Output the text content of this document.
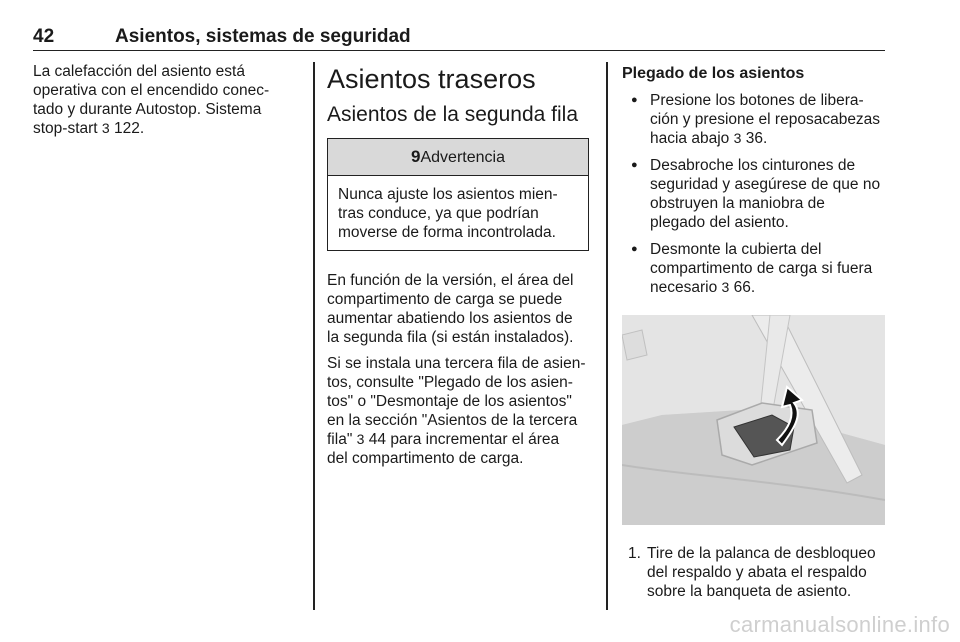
42	Asientos, sistemas de seguridad

La calefacción del asiento está
operativa con el encendido conec-
tado y durante Autostop. Sistema
stop-start 3 122.

Asientos traseros
Asientos de la segunda fila
9Advertencia
Nunca ajuste los asientos mien-
tras conduce, ya que podrían
moverse de forma incontrolada.

En función de la versión, el área del
compartimento de carga se puede
aumentar abatiendo los asientos de
la segunda fila (si están instalados).

Si se instala una tercera fila de asien-
tos, consulte "Plegado de los asien-
tos" o "Desmontaje de los asientos"
en la sección "Asientos de la tercera
fila" 3 44 para incrementar el área
del compartimento de carga.

Plegado de los asientos
● Presione los botones de libera-
ción y presione el reposacabezas
hacia abajo 3 36.
● Desabroche los cinturones de
seguridad y asegúrese de que no
obstruyen la maniobra de
plegado del asiento.
● Desmonte la cubierta del
compartimento de carga si fuera
necesario 3 66.
1. Tire de la palanca de desbloqueo
del respaldo y abata el respaldo
sobre la banqueta de asiento.
carmanualsonline.info
